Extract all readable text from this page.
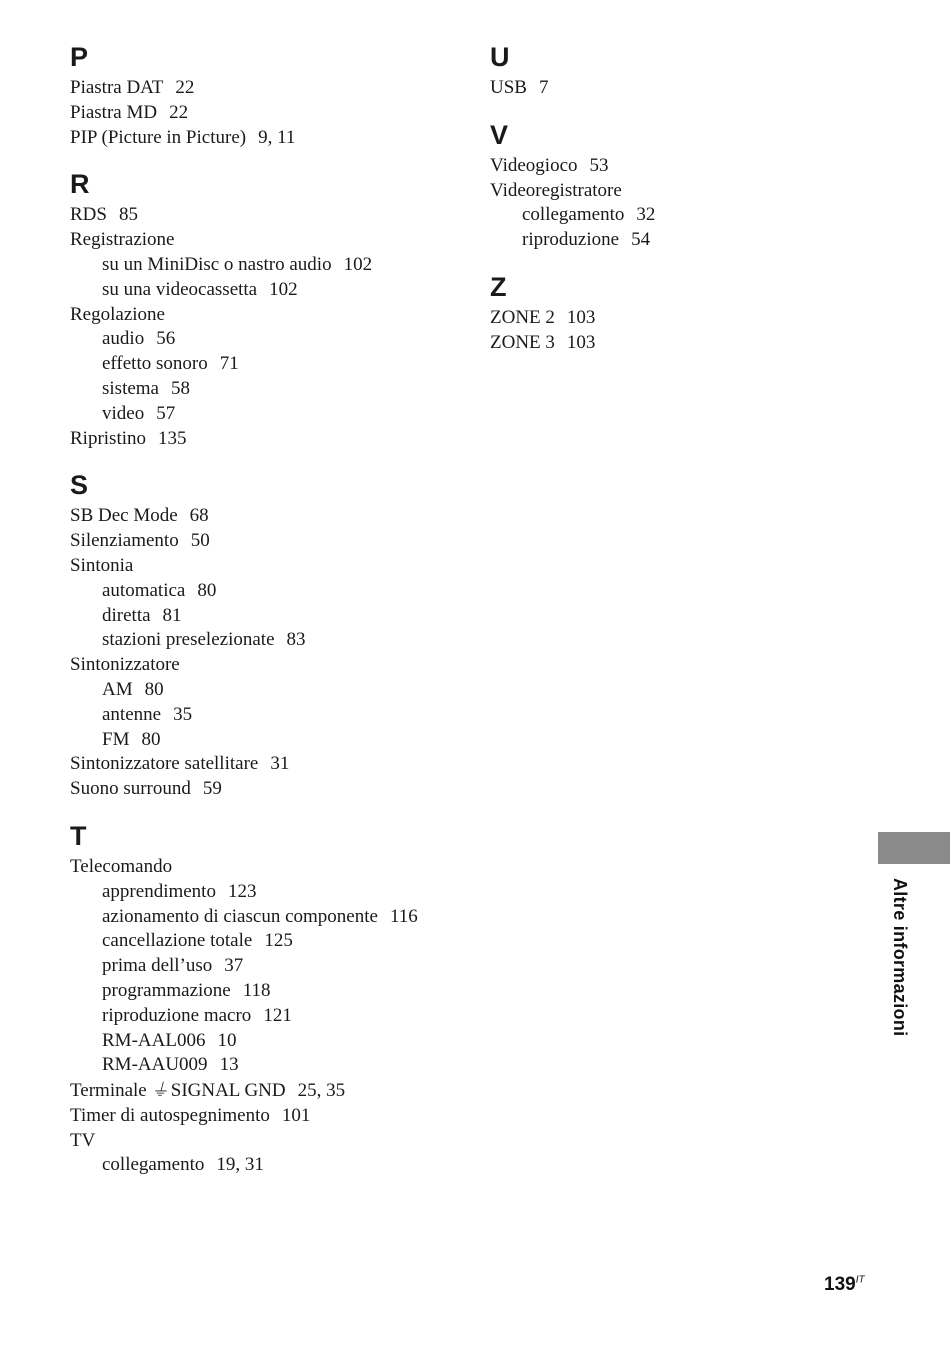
P
Piastra DAT 22
Piastra MD 22
PIP (Picture in Picture) 9, 11
R
RDS 85
Registrazione
su un MiniDisc o nastro audio 102
su una videocassetta 102
Regolazione
audio 56
effetto sonoro 71
sistema 58
video 57
Ripristino 135
S
SB Dec Mode 68
Silenziamento 50
Sintonia
automatica 80
diretta 81
stazioni preselezionate 83
Sintonizzatore
AM 80
antenne 35
FM 80
Sintonizzatore satellitare 31
Suono surround 59
T
Telecomando
apprendimento 123
azionamento di ciascun componente 116
cancellazione totale 125
prima dell’uso 37
programmazione 118
riproduzione macro 121
RM-AAL006 10
RM-AAU009 13
Terminale ⏚ SIGNAL GND 25, 35
Timer di autospegnimento 101
TV
collegamento 19, 31
U
USB 7
V
Videogioco 53
Videoregistratore
collegamento 32
riproduzione 54
Z
ZONE 2 103
ZONE 3 103
Altre informazioni
$139^{IT}$
